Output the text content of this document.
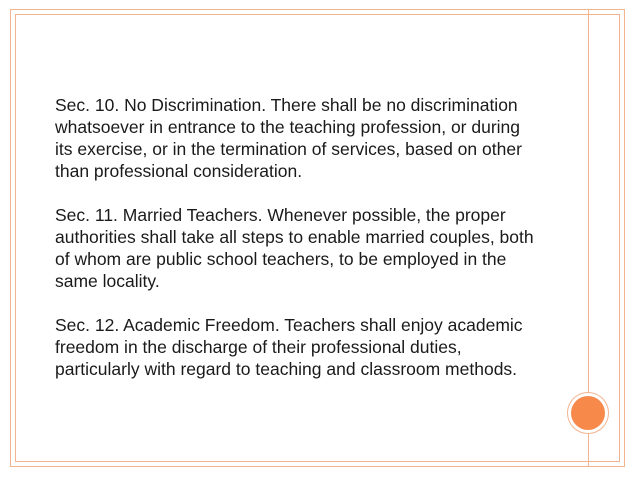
Sec. 10. No Discrimination. There shall be no discrimination
whatsoever in entrance to the teaching profession, or during
its exercise, or in the termination of services, based on other
than professional consideration.

Sec. 11. Married Teachers. Whenever possible, the proper
authorities shall take all steps to enable married couples, both
of whom are public school teachers, to be employed in the
same locality.

Sec. 12. Academic Freedom. Teachers shall enjoy academic
freedom in the discharge of their professional duties,
particularly with regard to teaching and classroom methods.
